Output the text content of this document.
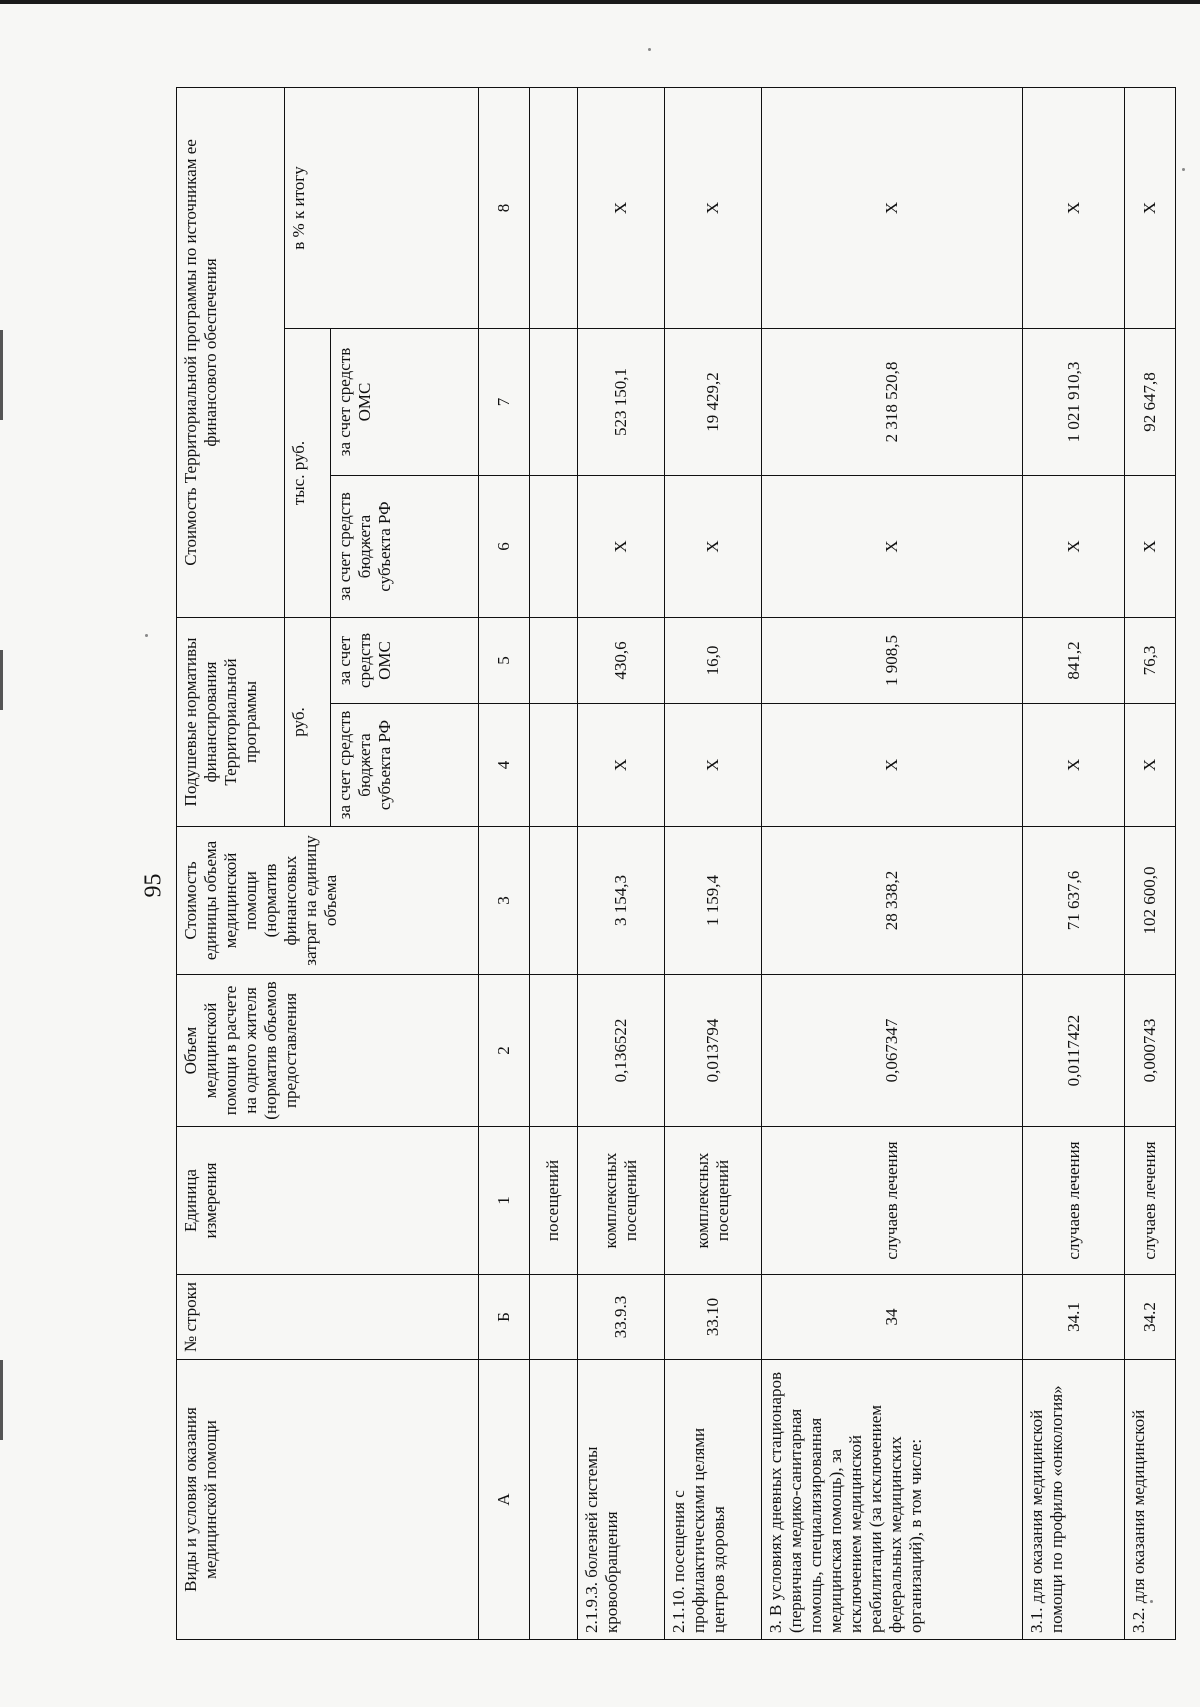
95
Виды и условия оказания медицинской помощи	№ строки	Единица измерения	Объем медицинской помощи в расчете на одного жителя (норматив объемов предоставления	Стоимость единицы объема медицинской помощи (норматив финансовых затрат на единицу объема	Подушевые нормативы финансирования Территориальной программы		Стоимость Территориальной программы по источникам ее финансового обеспечения		
					руб.		тыс. руб.		в % к итогу
					за счет средств бюджета субъекта РФ	за счет средств ОМС	за счет средств бюджета субъекта РФ	за счет средств ОМС	
А	Б	1	2	3	4	5	6	7	8
		посещений							
2.1.9.3. болезней системы кровообращения	33.9.3	комплексных посещений	0,136522	3 154,3	X	430,6	X	523 150,1	X
2.1.10. посещения с профилактическими целями центров здоровья	33.10	комплексных посещений	0,013794	1 159,4	X	16,0	X	19 429,2	X
3. В условиях дневных стационаров (первичная медико-санитарная помощь, специализированная медицинская помощь), за исключением медицинской реабилитации (за исключением федеральных медицинских организаций), в том числе:	34	случаев лечения	0,067347	28 338,2	X	1 908,5	X	2 318 520,8	X
3.1. для оказания медицинской помощи по профилю «онкология»	34.1	случаев лечения	0,0117422	71 637,6	X	841,2	X	1 021 910,3	X
3.2. для оказания медицинской	34.2	случаев лечения	0,000743	102 600,0	X	76,3	X	92 647,8	X
